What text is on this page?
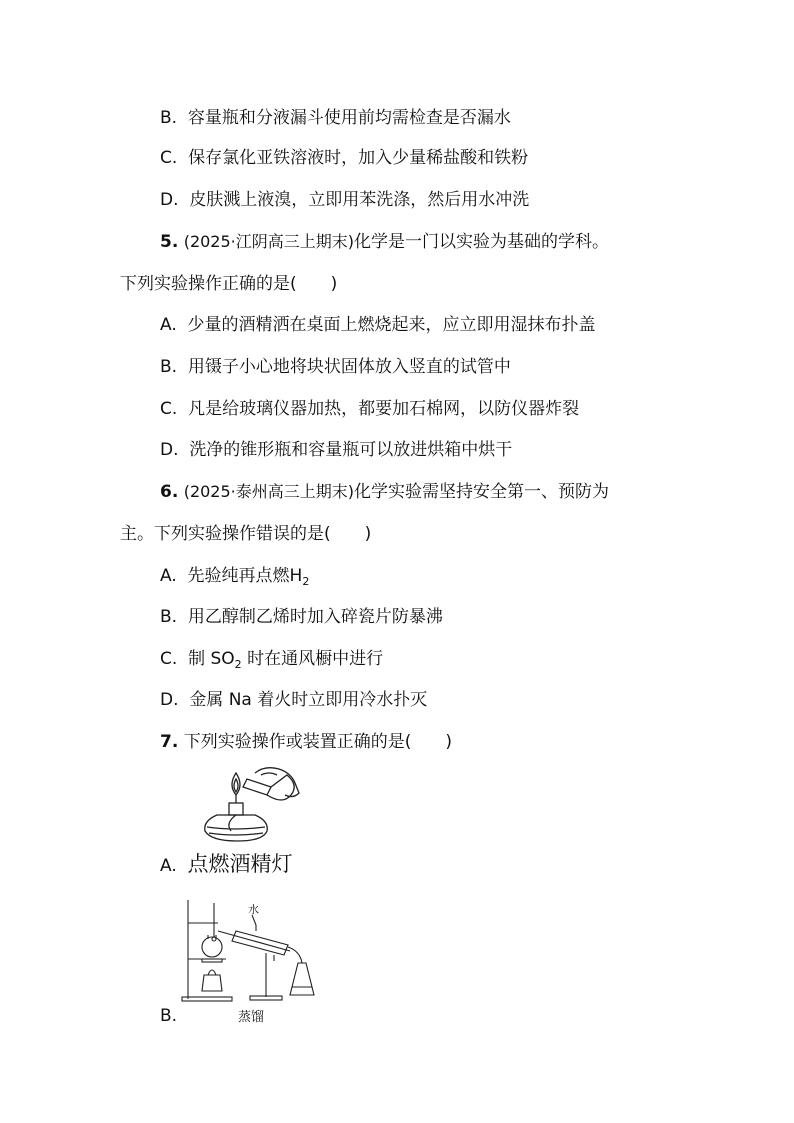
B. 容量瓶和分液漏斗使用前均需检查是否漏水
C. 保存氯化亚铁溶液时，加入少量稀盐酸和铁粉
D. 皮肤溅上液溴，立即用苯洗涤，然后用水冲洗
5. (2025·江阴高三上期末)化学是一门以实验为基础的学科。
下列实验操作正确的是(　　)
A. 少量的酒精洒在桌面上燃烧起来，应立即用湿抹布扑盖
B. 用镊子小心地将块状固体放入竖直的试管中
C. 凡是给玻璃仪器加热，都要加石棉网，以防仪器炸裂
D. 洗净的锥形瓶和容量瓶可以放进烘箱中烘干
6. (2025·泰州高三上期末)化学实验需坚持安全第一、预防为
主。下列实验操作错误的是(　　)
A. 先验纯再点燃$H_2$
B. 用乙醇制乙烯时加入碎瓷片防暴沸
C. 制 $SO_2$ 时在通风橱中进行
D. 金属 Na 着火时立即用冷水扑灭
7. 下列实验操作或装置正确的是(　　)
A. 点燃酒精灯
水
蒸馏
B.
